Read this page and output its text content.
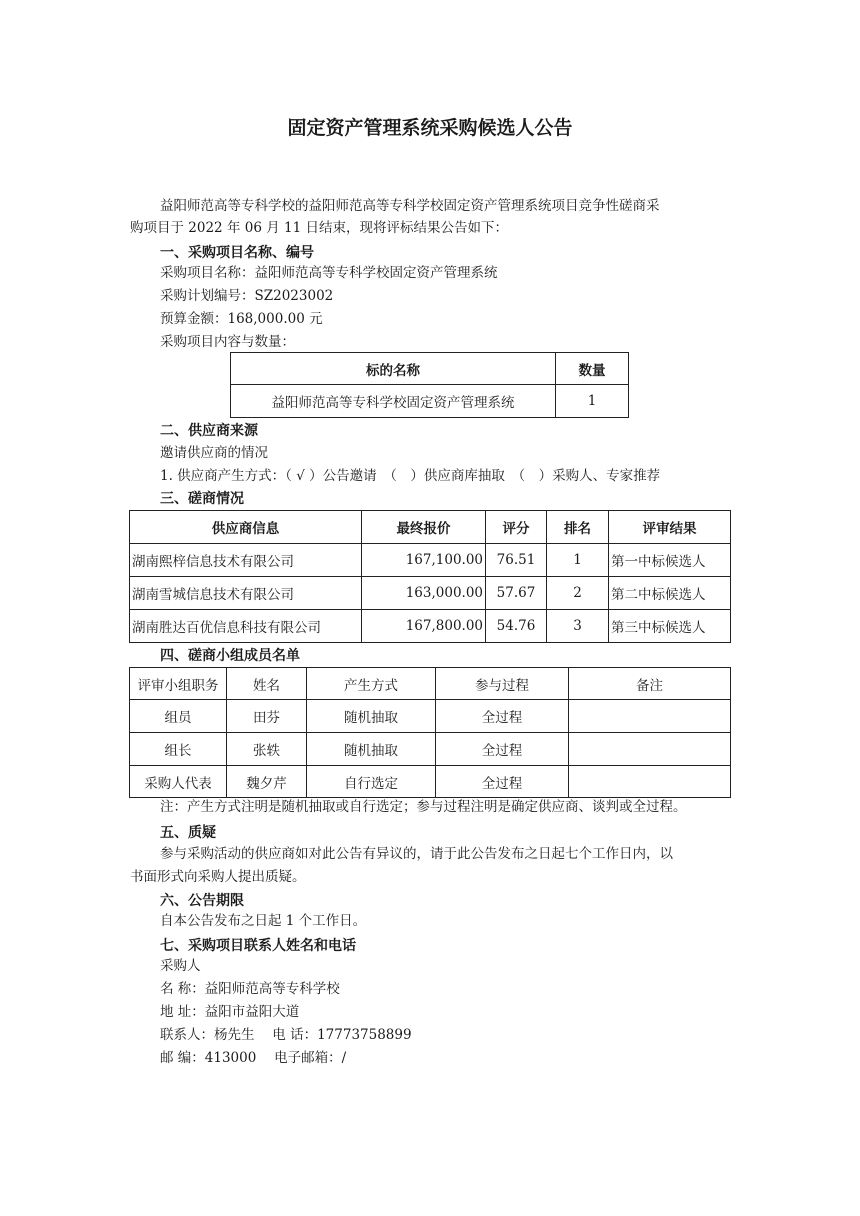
固定资产管理系统采购候选人公告
益阳师范高等专科学校的益阳师范高等专科学校固定资产管理系统项目竞争性磋商采
购项目于 2022 年 06 月 11 日结束，现将评标结果公告如下：
一、采购项目名称、编号
采购项目名称：益阳师范高等专科学校固定资产管理系统
采购计划编号：SZ2023002
预算金额：168,000.00 元
采购项目内容与数量：
标的名称	数量
益阳师范高等专科学校固定资产管理系统	1
二、供应商来源
邀请供应商的情况
1. 供应商产生方式：（ √ ）公告邀请　（　）供应商库抽取　（　）采购人、专家推荐
三、磋商情况
供应商信息	最终报价	评分	排名	评审结果
湖南熙梓信息技术有限公司	167,100.00	76.51	1	第一中标候选人
湖南雪城信息技术有限公司	163,000.00	57.67	2	第二中标候选人
湖南胜达百优信息科技有限公司	167,800.00	54.76	3	第三中标候选人
四、磋商小组成员名单
评审小组职务	姓名	产生方式	参与过程	备注
组员	田芬	随机抽取	全过程	
组长	张轶	随机抽取	全过程	
采购人代表	魏夕芹	自行选定	全过程	
注：产生方式注明是随机抽取或自行选定；参与过程注明是确定供应商、谈判或全过程。
五、质疑
参与采购活动的供应商如对此公告有异议的，请于此公告发布之日起七个工作日内，以
书面形式向采购人提出质疑。
六、公告期限
自本公告发布之日起 1 个工作日。
七、采购项目联系人姓名和电话
采购人
名 称：益阳师范高等专科学校
地 址：益阳市益阳大道
联系人：杨先生　 电 话：17773758899
邮 编：413000　 电子邮箱：/
